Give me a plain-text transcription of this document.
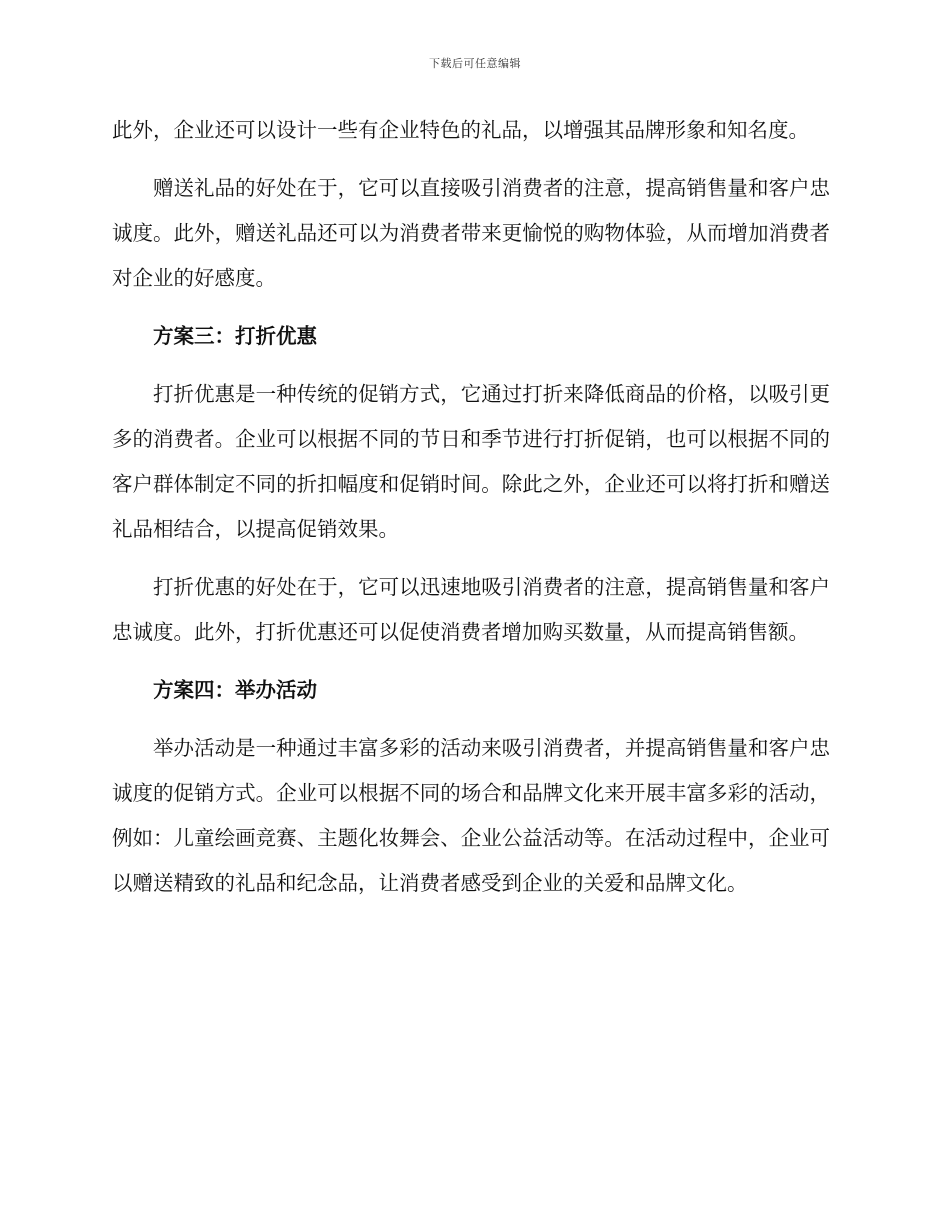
下载后可任意编辑

此外，企业还可以设计一些有企业特色的礼品，以增强其品牌形象和知名度。

赠送礼品的好处在于，它可以直接吸引消费者的注意，提高销售量和客户忠诚度。此外，赠送礼品还可以为消费者带来更愉悦的购物体验，从而增加消费者对企业的好感度。

方案三：打折优惠

打折优惠是一种传统的促销方式，它通过打折来降低商品的价格，以吸引更多的消费者。企业可以根据不同的节日和季节进行打折促销，也可以根据不同的客户群体制定不同的折扣幅度和促销时间。除此之外，企业还可以将打折和赠送礼品相结合，以提高促销效果。

打折优惠的好处在于，它可以迅速地吸引消费者的注意，提高销售量和客户忠诚度。此外，打折优惠还可以促使消费者增加购买数量，从而提高销售额。

方案四：举办活动

举办活动是一种通过丰富多彩的活动来吸引消费者，并提高销售量和客户忠诚度的促销方式。企业可以根据不同的场合和品牌文化来开展丰富多彩的活动，例如：儿童绘画竞赛、主题化妆舞会、企业公益活动等。在活动过程中，企业可以赠送精致的礼品和纪念品，让消费者感受到企业的关爱和品牌文化。
